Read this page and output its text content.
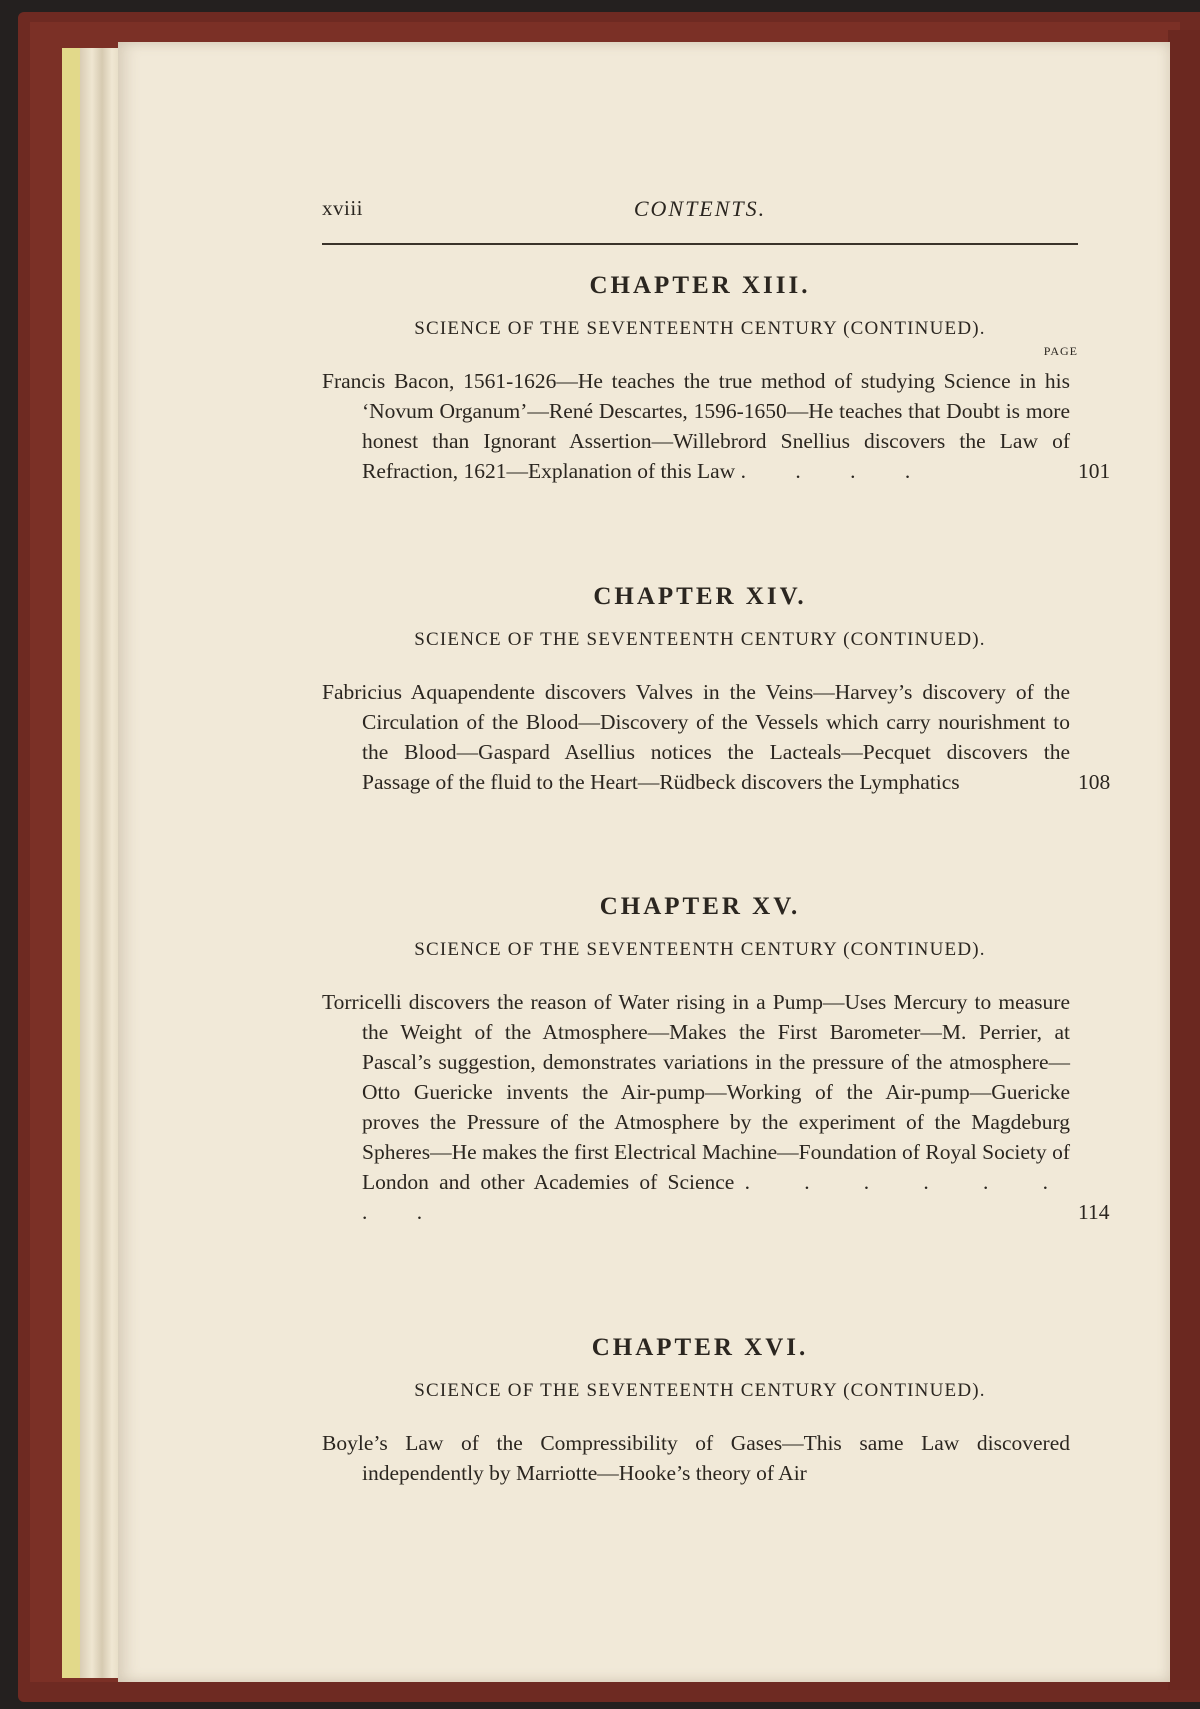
xviii	CONTENTS.
CHAPTER XIII.

SCIENCE OF THE SEVENTEENTH CENTURY (CONTINUED).

PAGE

Francis Bacon, 1561-1626—He teaches the true method of studying Science in his ‘Novum Organum’—René Descartes, 1596-1650—He teaches that Doubt is more honest than Ignorant Assertion—Willebrord Snellius discovers the Law of Refraction, 1621—Explanation of this Law . . . .

CHAPTER XIV.

SCIENCE OF THE SEVENTEENTH CENTURY (CONTINUED).

Fabricius Aquapendente discovers Valves in the Veins—Harvey’s discovery of the Circulation of the Blood—Discovery of the Vessels which carry nourishment to the Blood—Gaspard Asellius notices the Lacteals—Pecquet discovers the Passage of the fluid to the Heart—Rüdbeck discovers the Lymphatics

CHAPTER XV.

SCIENCE OF THE SEVENTEENTH CENTURY (CONTINUED).

Torricelli discovers the reason of Water rising in a Pump—Uses Mercury to measure the Weight of the Atmosphere—Makes the First Barometer—M. Perrier, at Pascal’s suggestion, demonstrates variations in the pressure of the atmosphere—Otto Guericke invents the Air-pump—Working of the Air-pump—Guericke proves the Pressure of the Atmosphere by the experiment of the Magdeburg Spheres—He makes the first Electrical Machine—Foundation of Royal Society of London and other Academies of Science . . . . . . . .

CHAPTER XVI.

SCIENCE OF THE SEVENTEENTH CENTURY (CONTINUED).

Boyle’s Law of the Compressibility of Gases—This same Law discovered independently by Marriotte—Hooke’s theory of Air
